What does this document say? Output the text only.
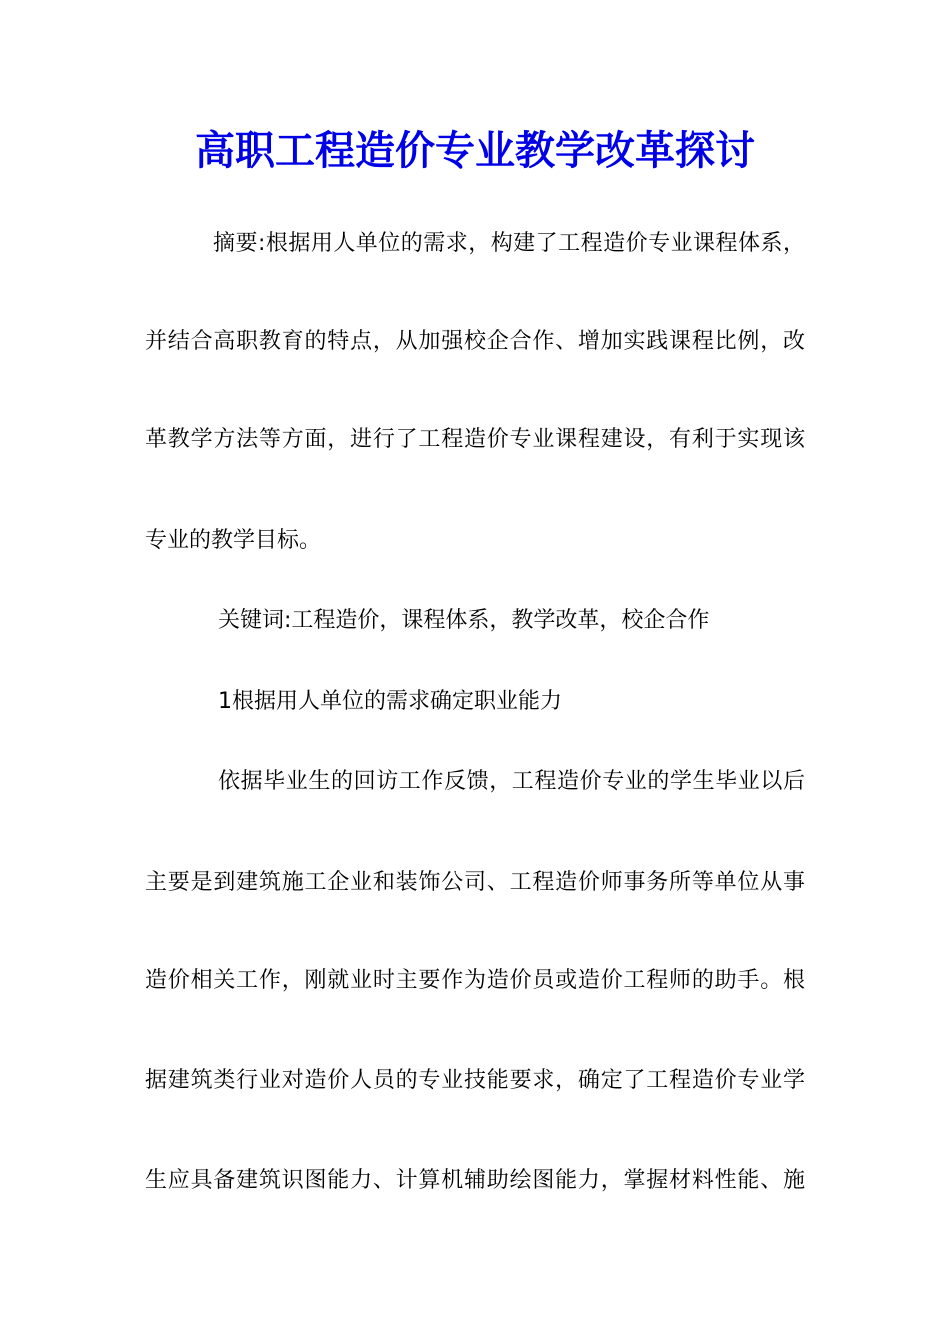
高职工程造价专业教学改革探讨
摘要:根据用人单位的需求，构建了工程造价专业课程体系，
并结合高职教育的特点，从加强校企合作、增加实践课程比例，改
革教学方法等方面，进行了工程造价专业课程建设，有利于实现该
专业的教学目标。
关键词:工程造价，课程体系，教学改革，校企合作
1根据用人单位的需求确定职业能力
依据毕业生的回访工作反馈，工程造价专业的学生毕业以后
主要是到建筑施工企业和装饰公司、工程造价师事务所等单位从事
造价相关工作，刚就业时主要作为造价员或造价工程师的助手。根
据建筑类行业对造价人员的专业技能要求，确定了工程造价专业学
生应具备建筑识图能力、计算机辅助绘图能力，掌握材料性能、施
